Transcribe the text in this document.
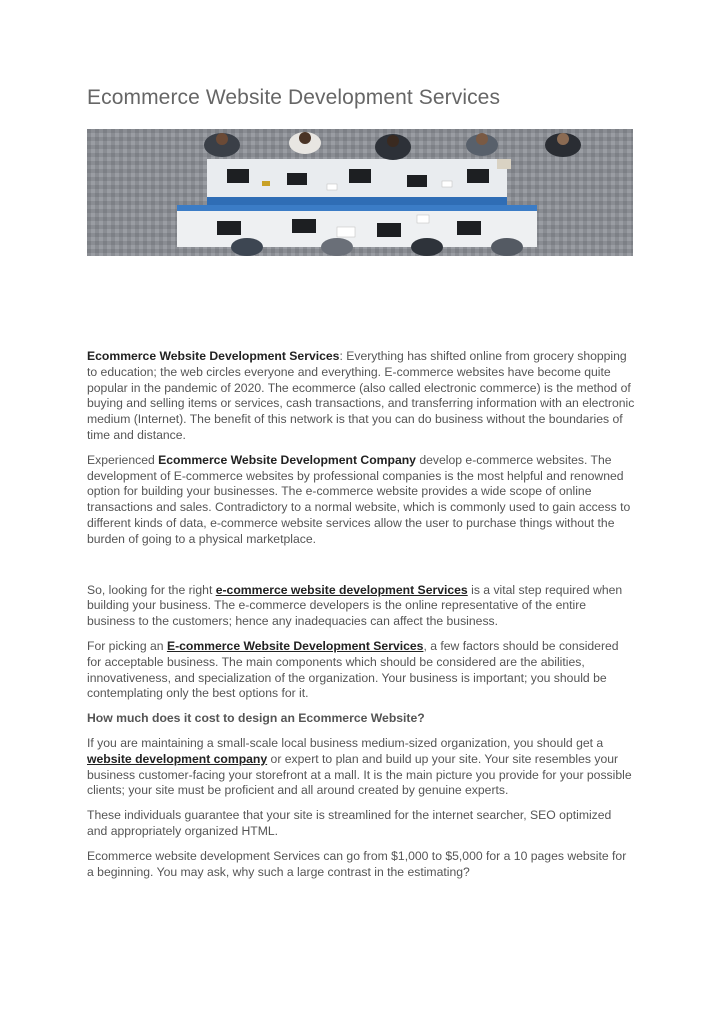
Ecommerce Website Development Services

Ecommerce Website Development Services: Everything has shifted online from grocery shopping to education; the web circles everyone and everything. E-commerce websites have become quite popular in the pandemic of 2020. The ecommerce (also called electronic commerce) is the method of buying and selling items or services, cash transactions, and transferring information with an electronic medium (Internet). The benefit of this network is that you can do business without the boundaries of time and distance.

Experienced Ecommerce Website Development Company develop e-commerce websites. The development of E-commerce websites by professional companies is the most helpful and renowned option for building your businesses. The e-commerce website provides a wide scope of online transactions and sales. Contradictory to a normal website, which is commonly used to gain access to different kinds of data, e-commerce website services allow the user to purchase things without the burden of going to a physical marketplace.

So, looking for the right e-commerce website development Services is a vital step required when building your business. The e-commerce developers is the online representative of the entire business to the customers; hence any inadequacies can affect the business.

For picking an E-commerce Website Development Services, a few factors should be considered for acceptable business. The main components which should be considered are the abilities, innovativeness, and specialization of the organization. Your business is important; you should be contemplating only the best options for it.

How much does it cost to design an Ecommerce Website?

If you are maintaining a small-scale local business medium-sized organization, you should get a website development company or expert to plan and build up your site. Your site resembles your business customer-facing your storefront at a mall. It is the main picture you provide for your possible clients; your site must be proficient and all around created by genuine experts.

These individuals guarantee that your site is streamlined for the internet searcher, SEO optimized and appropriately organized HTML.

Ecommerce website development Services can go from $1,000 to $5,000 for a 10 pages website for a beginning. You may ask, why such a large contrast in the estimating?
